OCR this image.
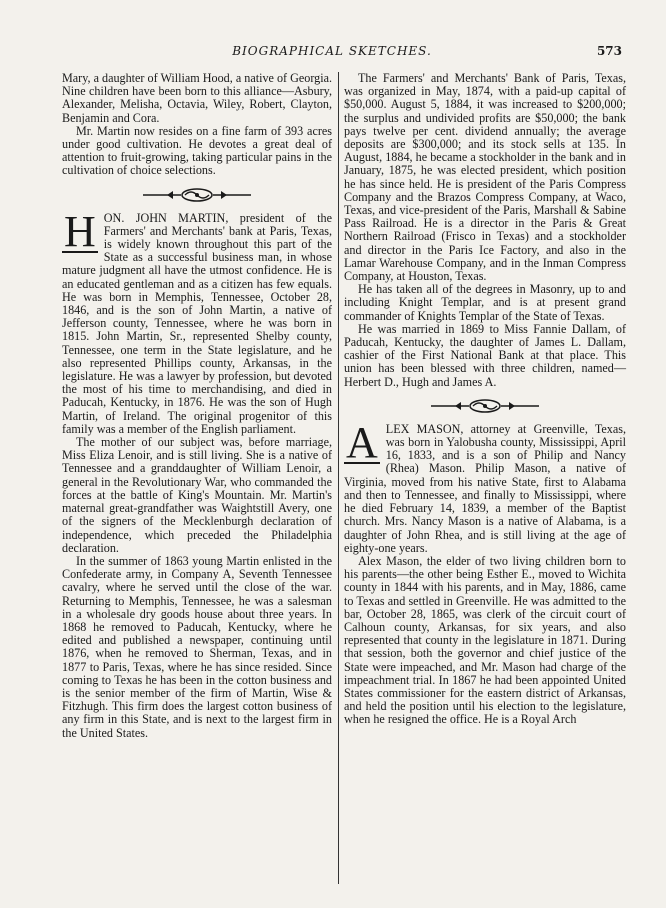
BIOGRAPHICAL SKETCHES.	573

Mary, a daughter of William Hood, a native of Georgia. Nine children have been born to this alliance—Asbury, Alexander, Melisha, Octavia, Wiley, Robert, Clayton, Benjamin and Cora.

Mr. Martin now resides on a fine farm of 393 acres under good cultivation. He devotes a great deal of attention to fruit-growing, taking particular pains in the cultivation of choice selections.

H ON. JOHN MARTIN, president of the Farmers' and Merchants' bank at Paris, Texas, is widely known throughout this part of the State as a successful business man, in whose mature judgment all have the utmost confidence. He is an educated gentleman and as a citizen has few equals. He was born in Memphis, Tennessee, October 28, 1846, and is the son of John Martin, a native of Jefferson county, Tennessee, where he was born in 1815. John Martin, Sr., represented Shelby county, Tennessee, one term in the State legislature, and he also represented Phillips county, Arkansas, in the legislature. He was a lawyer by profession, but devoted the most of his time to merchandising, and died in Paducah, Kentucky, in 1876. He was the son of Hugh Martin, of Ireland. The original progenitor of this family was a member of the English parliament.

The mother of our subject was, before marriage, Miss Eliza Lenoir, and is still living. She is a native of Tennessee and a granddaughter of William Lenoir, a general in the Revolutionary War, who commanded the forces at the battle of King's Mountain. Mr. Martin's maternal great-grandfather was Waightstill Avery, one of the signers of the Mecklenburgh declaration of independence, which preceded the Philadelphia declaration.

In the summer of 1863 young Martin enlisted in the Confederate army, in Company A, Seventh Tennessee cavalry, where he served until the close of the war. Returning to Memphis, Tennessee, he was a salesman in a wholesale dry goods house about three years. In 1868 he removed to Paducah, Kentucky, where he edited and published a newspaper, continuing until 1876, when he removed to Sherman, Texas, and in 1877 to Paris, Texas, where he has since resided. Since coming to Texas he has been in the cotton business and is the senior member of the firm of Martin, Wise & Fitzhugh. This firm does the largest cotton business of any firm in this State, and is next to the largest firm in the United States.

The Farmers' and Merchants' Bank of Paris, Texas, was organized in May, 1874, with a paid-up capital of $50,000. August 5, 1884, it was increased to $200,000; the surplus and undivided profits are $50,000; the bank pays twelve per cent. dividend annually; the average deposits are $300,000; and its stock sells at 135. In August, 1884, he became a stockholder in the bank and in January, 1875, he was elected president, which position he has since held. He is president of the Paris Compress Company and the Brazos Compress Company, at Waco, Texas, and vice-president of the Paris, Marshall & Sabine Pass Railroad. He is a director in the Paris & Great Northern Railroad (Frisco in Texas) and a stockholder and director in the Paris Ice Factory, and also in the Lamar Warehouse Company, and in the Inman Compress Company, at Houston, Texas.

He has taken all of the degrees in Masonry, up to and including Knight Templar, and is at present grand commander of Knights Templar of the State of Texas.

He was married in 1869 to Miss Fannie Dallam, of Paducah, Kentucky, the daughter of James L. Dallam, cashier of the First National Bank at that place. This union has been blessed with three children, named—Herbert D., Hugh and James A.

A LEX MASON, attorney at Greenville, Texas, was born in Yalobusha county, Mississippi, April 16, 1833, and is a son of Philip and Nancy (Rhea) Mason. Philip Mason, a native of Virginia, moved from his native State, first to Alabama and then to Tennessee, and finally to Mississippi, where he died February 14, 1839, a member of the Baptist church. Mrs. Nancy Mason is a native of Alabama, is a daughter of John Rhea, and is still living at the age of eighty-one years.

Alex Mason, the elder of two living children born to his parents—the other being Esther E., moved to Wichita county in 1844 with his parents, and in May, 1886, came to Texas and settled in Greenville. He was admitted to the bar, October 28, 1865, was clerk of the circuit court of Calhoun county, Arkansas, for six years, and also represented that county in the legislature in 1871. During that session, both the governor and chief justice of the State were impeached, and Mr. Mason had charge of the impeachment trial. In 1867 he had been appointed United States commissioner for the eastern district of Arkansas, and held the position until his election to the legislature, when he resigned the office. He is a Royal Arch
